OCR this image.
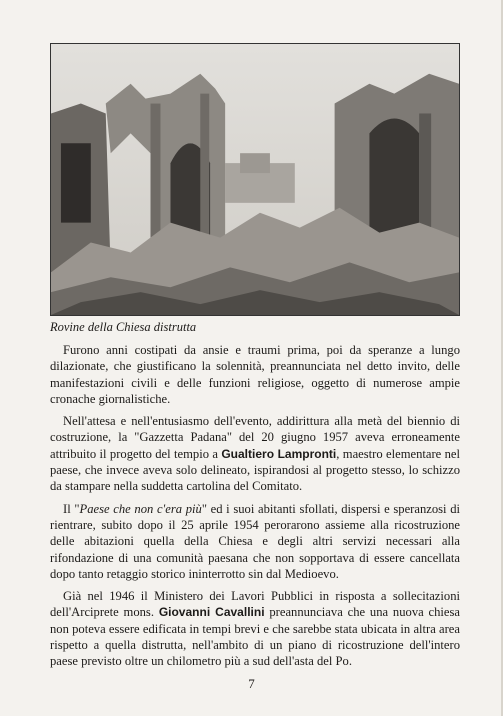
Rovine della Chiesa distrutta

Furono anni costipati da ansie e traumi prima, poi da speranze a lungo dilazionate, che giustificano la solennità, preannunciata nel detto invito, delle manifestazioni civili e delle funzioni religiose, oggetto di numerose ampie cronache giornalistiche.

Nell'attesa e nell'entusiasmo dell'evento, addirittura alla metà del biennio di costruzione, la "Gazzetta Padana" del 20 giugno 1957 aveva erroneamente attribuito il progetto del tempio a Gualtiero Lampronti, maestro elementare nel paese, che invece aveva solo delineato, ispirandosi al progetto stesso, lo schizzo da stampare nella suddetta cartolina del Comitato.

Il "Paese che non c'era più" ed i suoi abitanti sfollati, dispersi e speranzosi di rientrare, subito dopo il 25 aprile 1954 perorarono assieme alla ricostruzione delle abitazioni quella della Chiesa e degli altri servizi necessari alla rifondazione di una comunità paesana che non sopportava di essere cancellata dopo tanto retaggio storico ininterrotto sin dal Medioevo.

Già nel 1946 il Ministero dei Lavori Pubblici in risposta a sollecitazioni dell'Arciprete mons. Giovanni Cavallini preannunciava che una nuova chiesa non poteva essere edificata in tempi brevi e che sarebbe stata ubicata in altra area rispetto a quella distrutta, nell'ambito di un piano di ricostruzione dell'intero paese previsto oltre un chilometro più a sud dell'asta del Po.

7
